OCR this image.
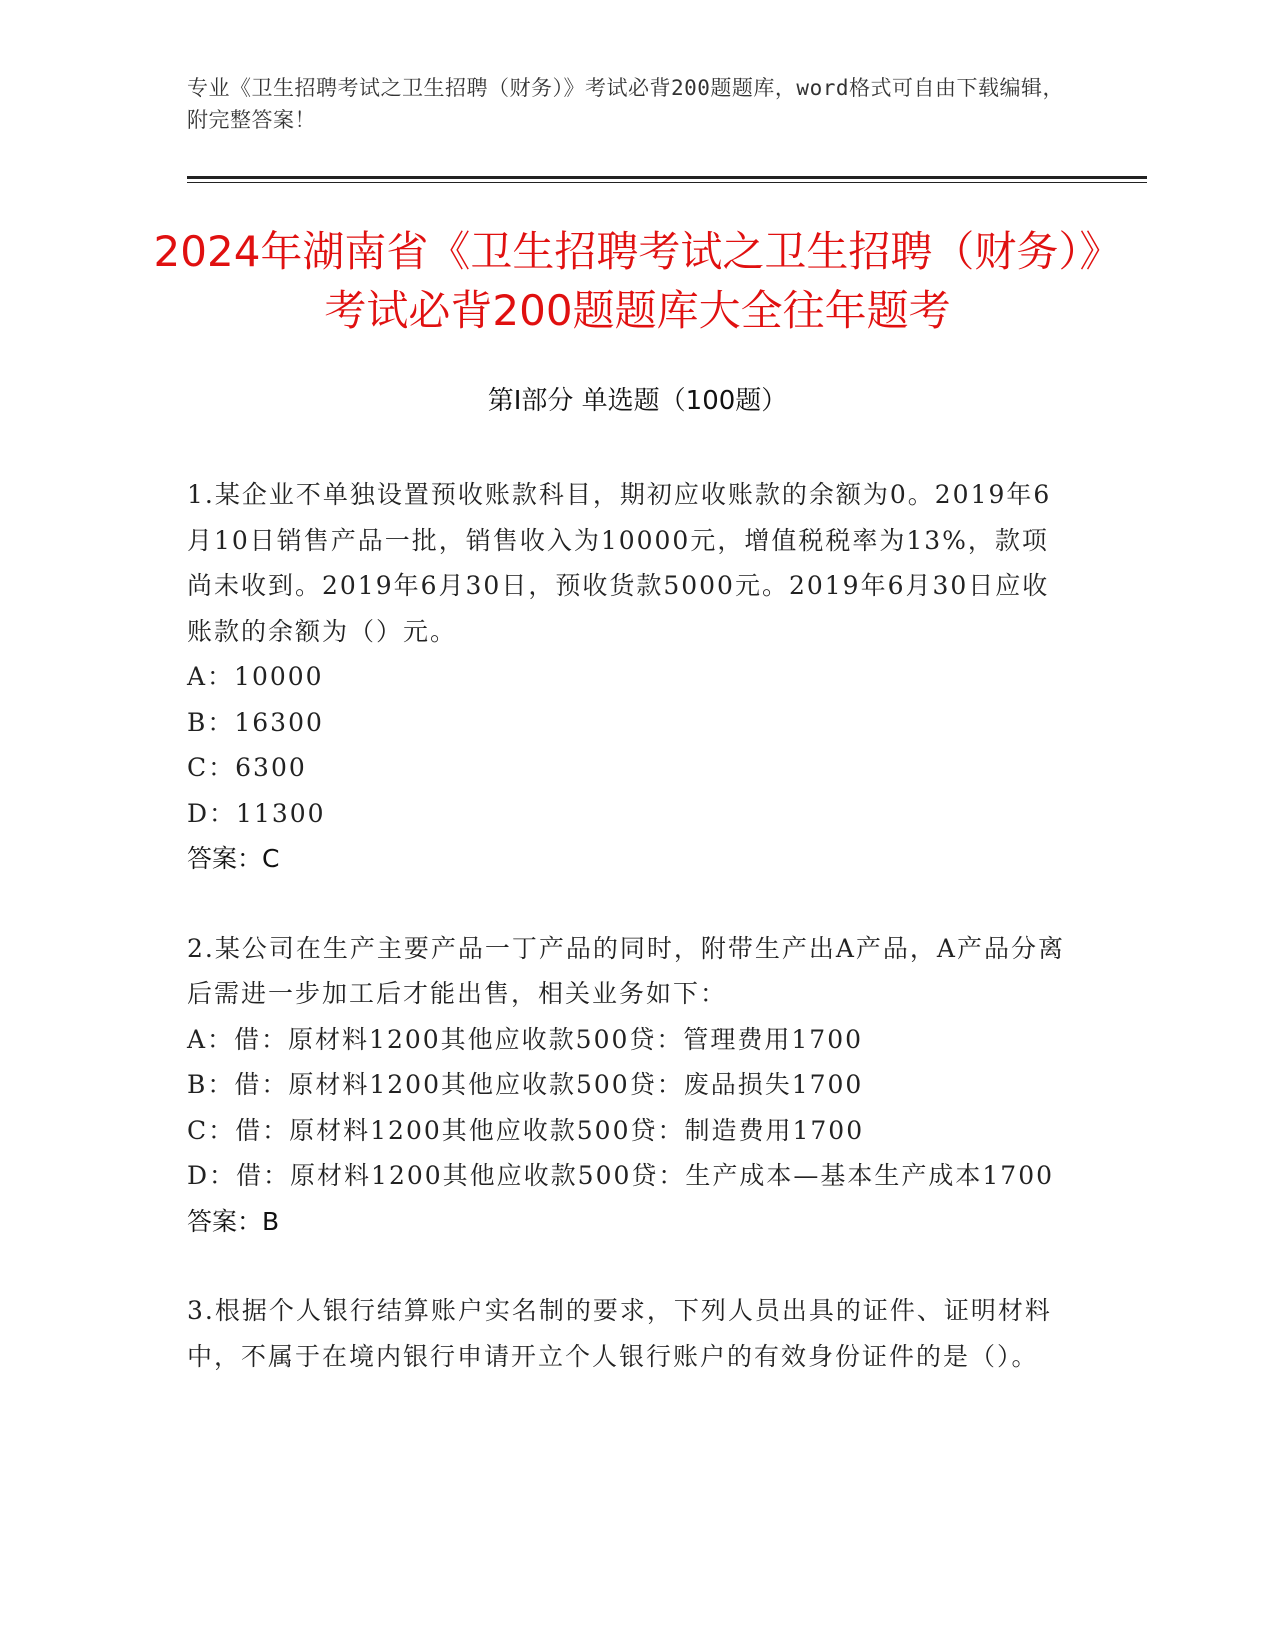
专业《卫生招聘考试之卫生招聘（财务）》考试必背200题题库，word格式可自由下载编辑，附完整答案！
2024年湖南省《卫生招聘考试之卫生招聘（财务）》考试必背200题题库大全往年题考
第Ⅰ部分 单选题（100题）
1.某企业不单独设置预收账款科目，期初应收账款的余额为0。2019年6月10日销售产品一批，销售收入为10000元，增值税税率为13%，款项尚未收到。2019年6月30日，预收货款5000元。2019年6月30日应收账款的余额为（）元。
A：10000
B：16300
C：6300
D：11300
答案：C
2.某公司在生产主要产品一丁产品的同时，附带生产出A产品，A产品分离后需进一步加工后才能出售，相关业务如下：
A：借：原材料1200其他应收款500贷：管理费用1700
B：借：原材料1200其他应收款500贷：废品损失1700
C：借：原材料1200其他应收款500贷：制造费用1700
D：借：原材料1200其他应收款500贷：生产成本—基本生产成本1700
答案：B
3.根据个人银行结算账户实名制的要求，下列人员出具的证件、证明材料中，不属于在境内银行申请开立个人银行账户的有效身份证件的是（）。
